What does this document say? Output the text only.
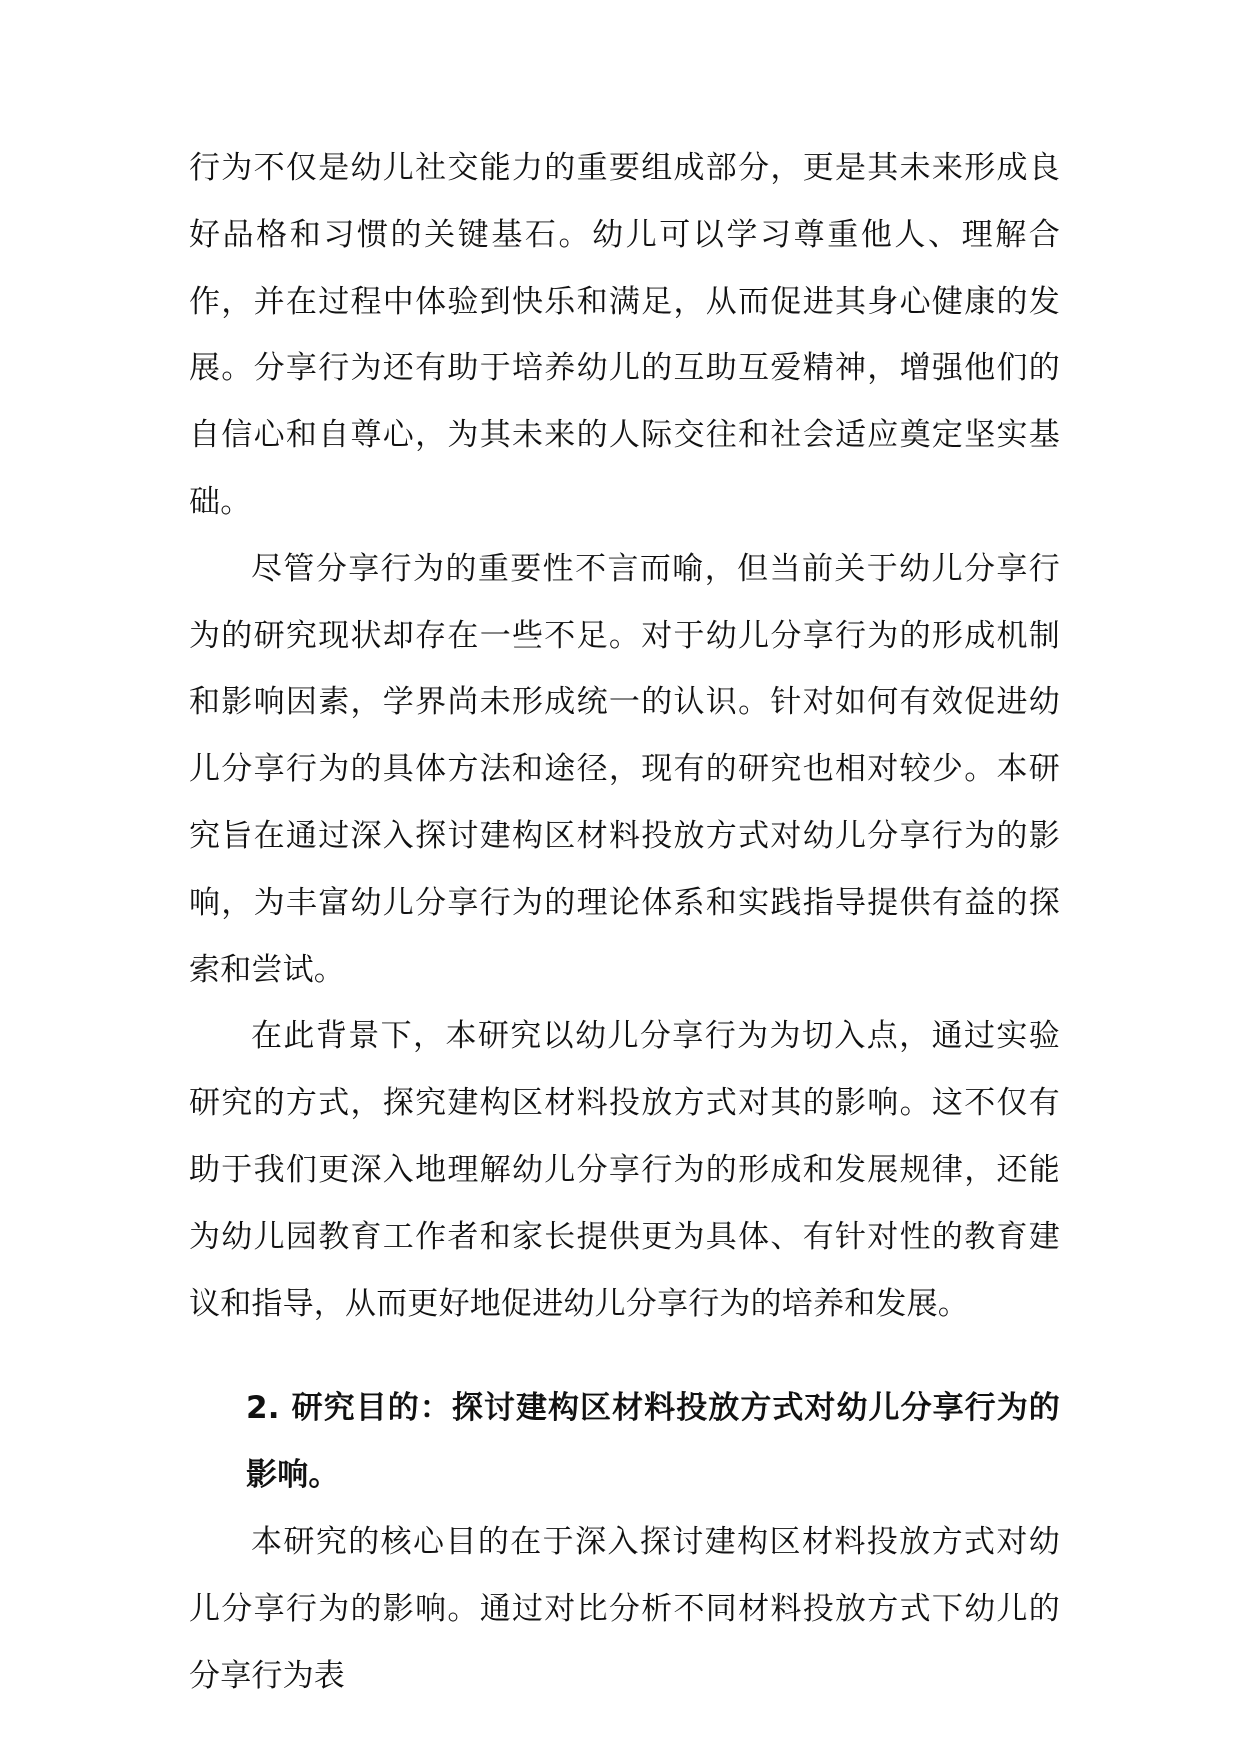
行为不仅是幼儿社交能力的重要组成部分，更是其未来形成良好品格和习惯的关键基石。幼儿可以学习尊重他人、理解合作，并在过程中体验到快乐和满足，从而促进其身心健康的发展。分享行为还有助于培养幼儿的互助互爱精神，增强他们的自信心和自尊心，为其未来的人际交往和社会适应奠定坚实基础。

尽管分享行为的重要性不言而喻，但当前关于幼儿分享行为的研究现状却存在一些不足。对于幼儿分享行为的形成机制和影响因素，学界尚未形成统一的认识。针对如何有效促进幼儿分享行为的具体方法和途径，现有的研究也相对较少。本研究旨在通过深入探讨建构区材料投放方式对幼儿分享行为的影响，为丰富幼儿分享行为的理论体系和实践指导提供有益的探索和尝试。

在此背景下，本研究以幼儿分享行为为切入点，通过实验研究的方式，探究建构区材料投放方式对其的影响。这不仅有助于我们更深入地理解幼儿分享行为的形成和发展规律，还能为幼儿园教育工作者和家长提供更为具体、有针对性的教育建议和指导，从而更好地促进幼儿分享行为的培养和发展。

2. 研究目的：探讨建构区材料投放方式对幼儿分享行为的影响。

本研究的核心目的在于深入探讨建构区材料投放方式对幼儿分享行为的影响。通过对比分析不同材料投放方式下幼儿的分享行为表
